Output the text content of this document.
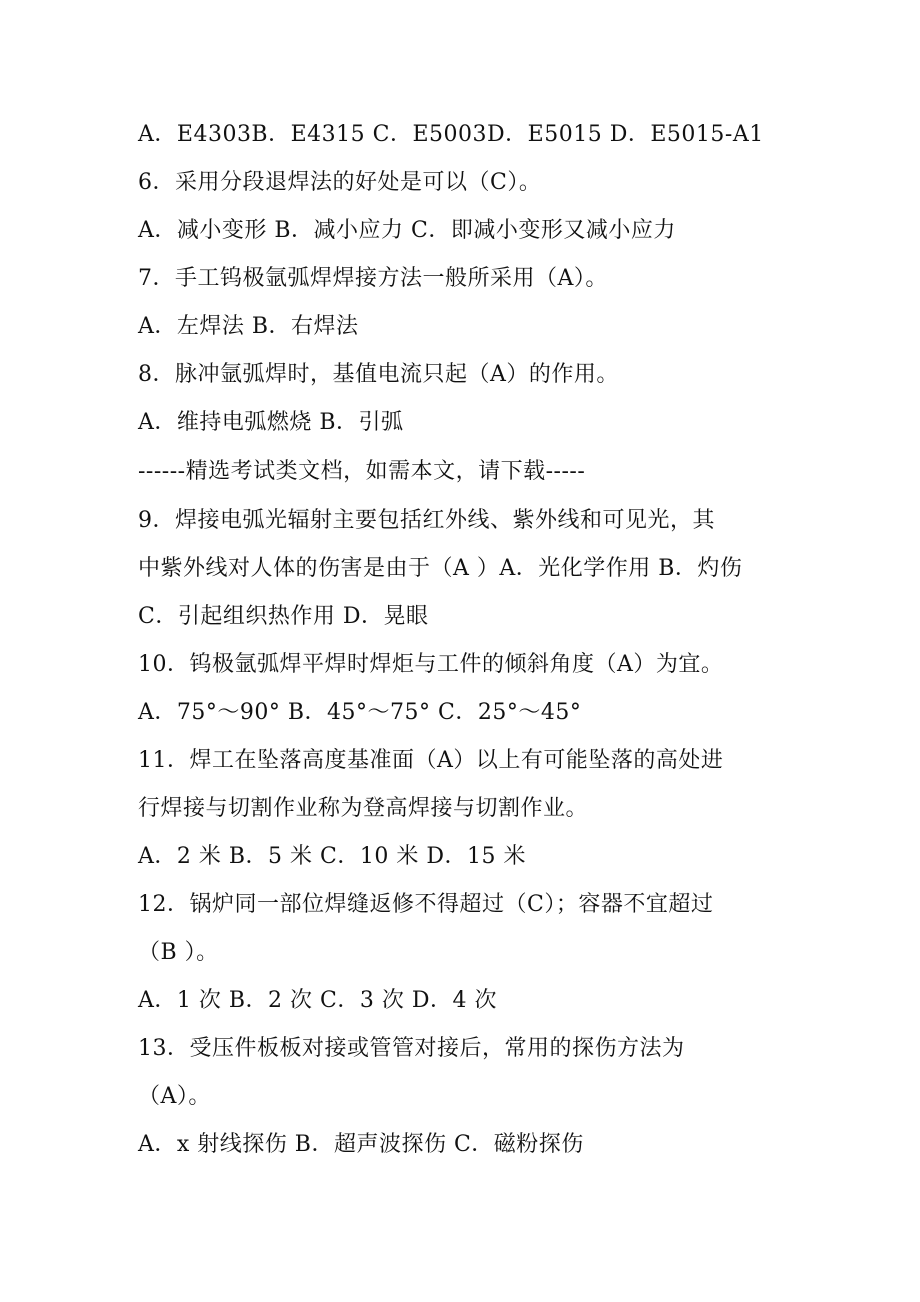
A．E4303B．E4315 C．E5003D．E5015 D．E5015-A1
6．采用分段退焊法的好处是可以（C）。
A．减小变形 B．减小应力 C．即减小变形又减小应力
7．手工钨极氩弧焊焊接方法一般所采用（A）。
A．左焊法 B．右焊法
8．脉冲氩弧焊时，基值电流只起（A）的作用。
A．维持电弧燃烧 B．引弧
------精选考试类文档，如需本文，请下载-----
9．焊接电弧光辐射主要包括红外线、紫外线和可见光，其
中紫外线对人体的伤害是由于（A ）A．光化学作用 B．灼伤
C．引起组织热作用 D．晃眼
10．钨极氩弧焊平焊时焊炬与工件的倾斜角度（A）为宜。
A．75°～90° B．45°～75° C．25°～45°
11．焊工在坠落高度基准面（A）以上有可能坠落的高处进
行焊接与切割作业称为登高焊接与切割作业。
A．2 米 B．5 米 C．10 米 D．15 米
12．锅炉同一部位焊缝返修不得超过（C）；容器不宜超过
（B ）。
A．1 次 B．2 次 C．3 次 D．4 次
13．受压件板板对接或管管对接后，常用的探伤方法为
（A）。
A．x 射线探伤 B．超声波探伤 C．磁粉探伤
